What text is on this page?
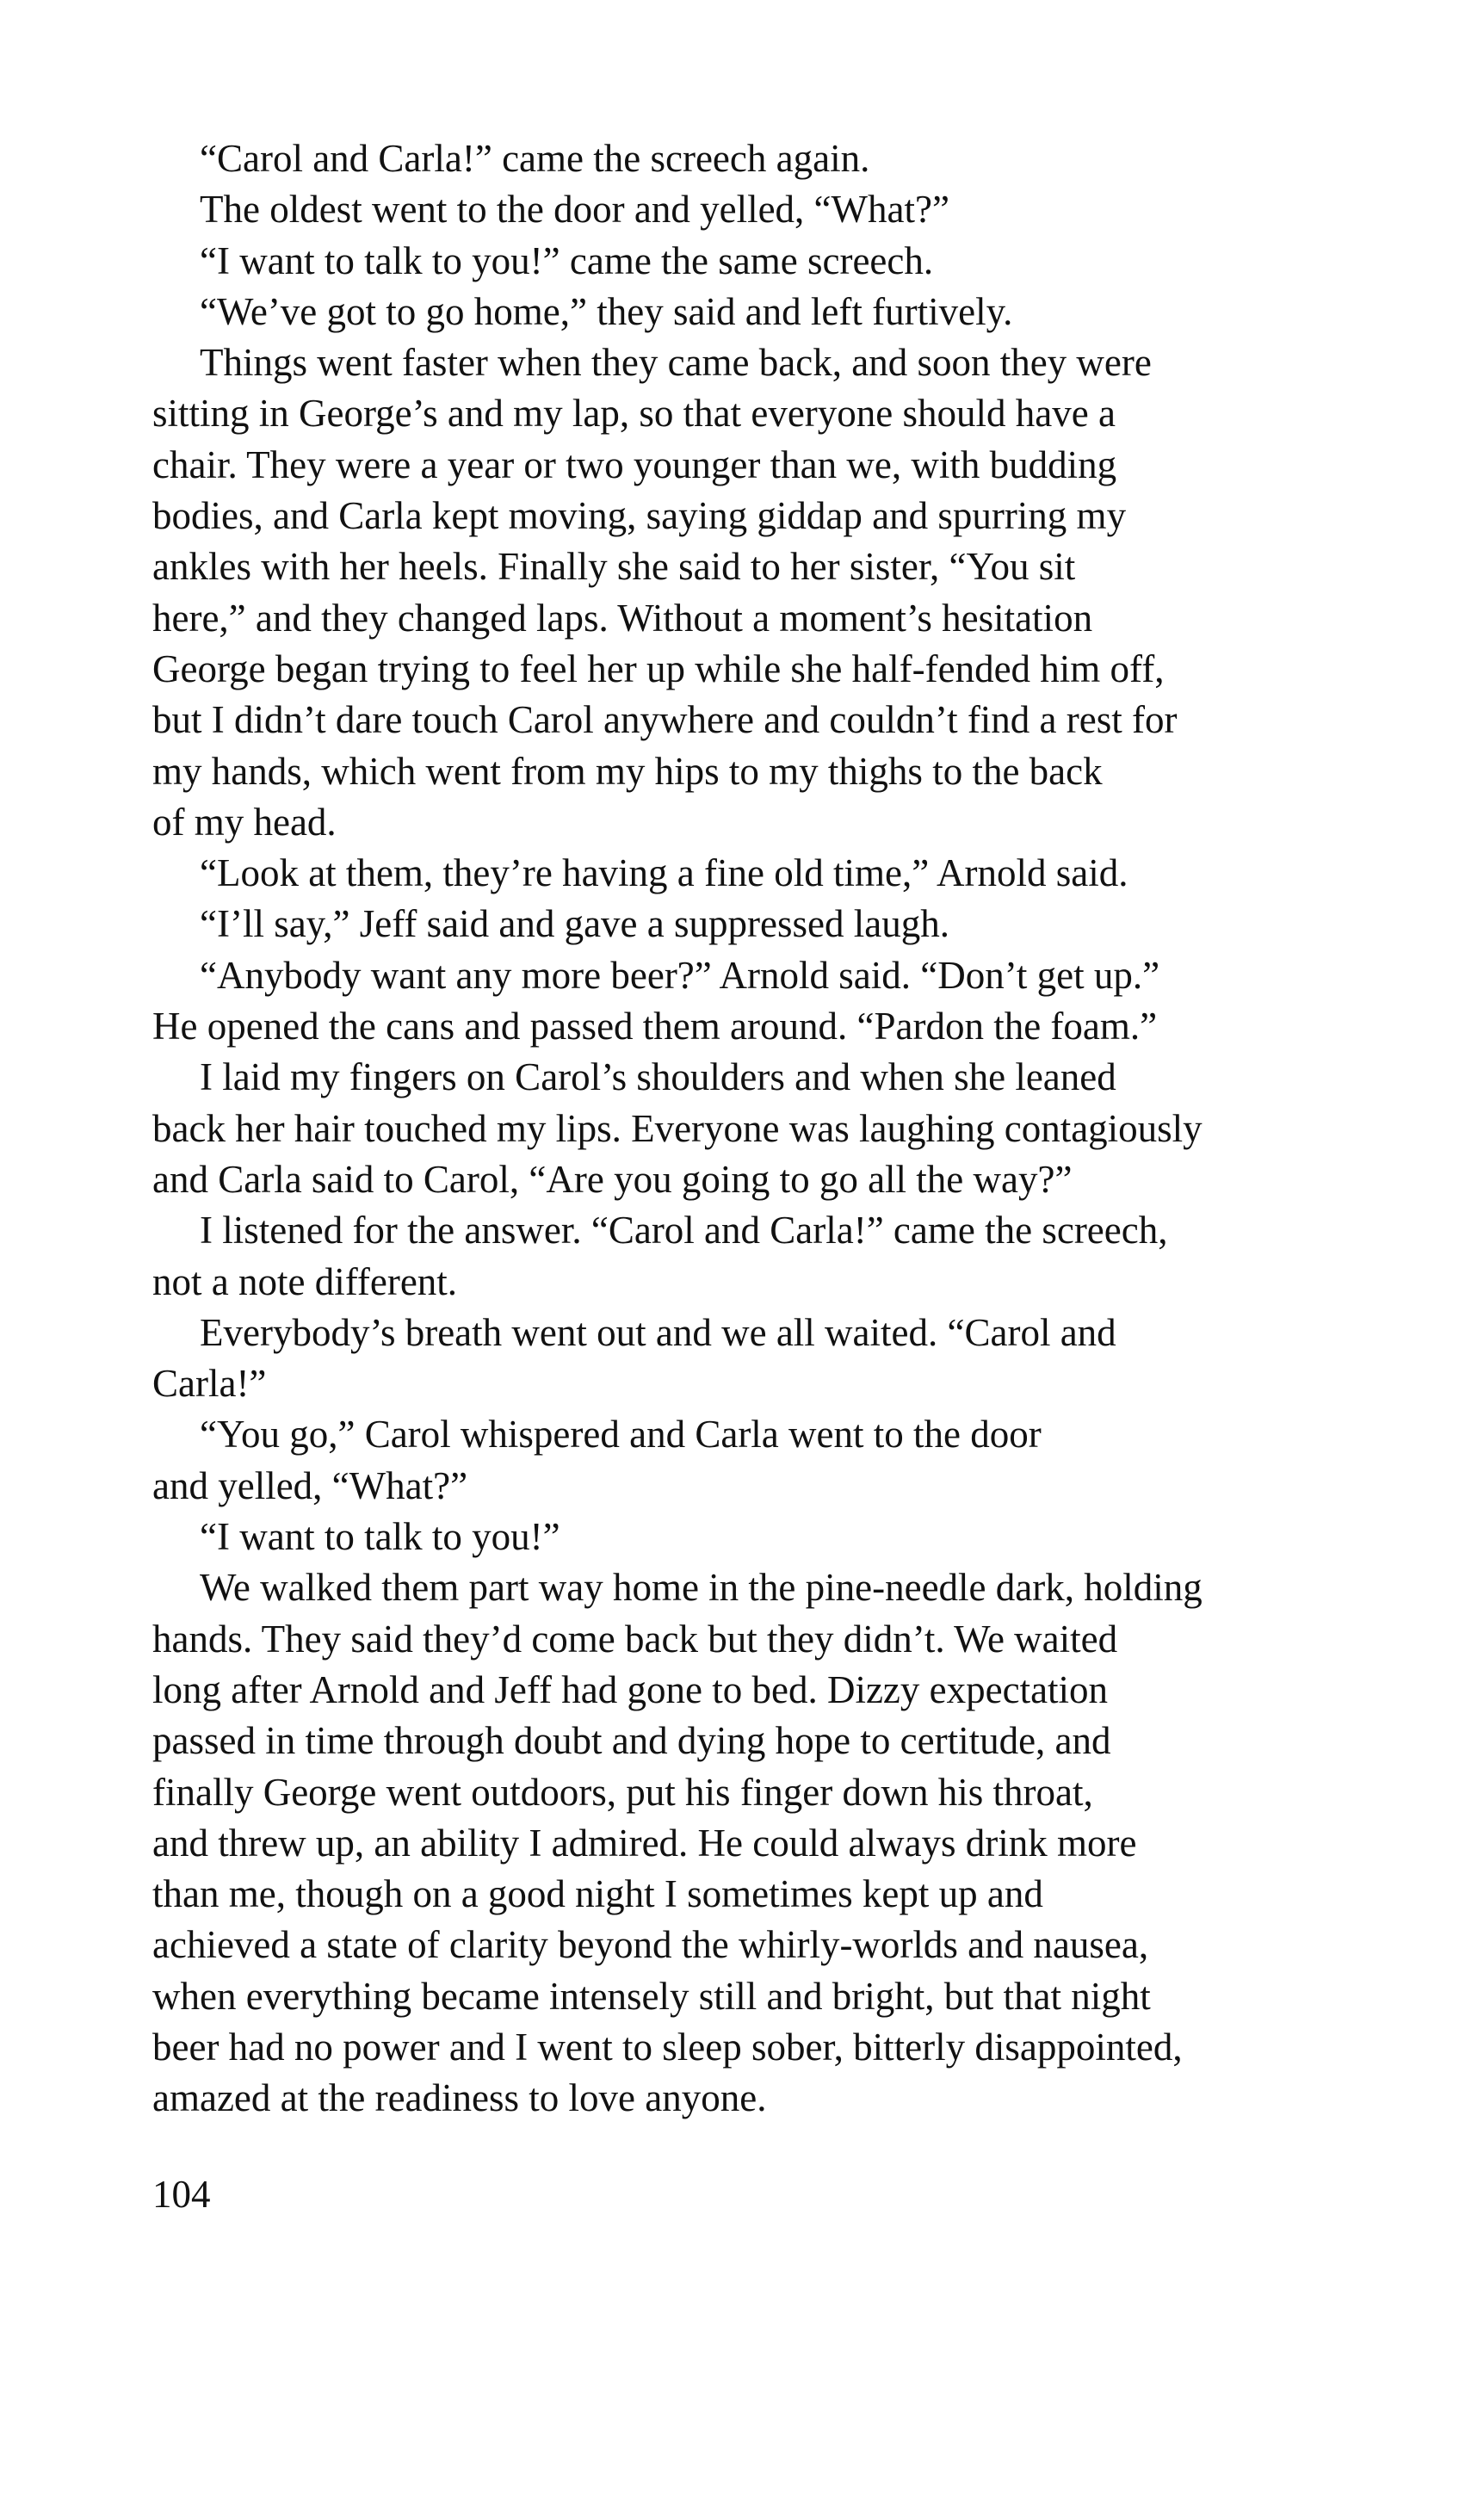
“Carol and Carla!” came the screech again.
The oldest went to the door and yelled, “What?”
“I want to talk to you!” came the same screech.
“We’ve got to go home,” they said and left furtively.
Things went faster when they came back, and soon they were
sitting in George’s and my lap, so that everyone should have a
chair. They were a year or two younger than we, with budding
bodies, and Carla kept moving, saying giddap and spurring my
ankles with her heels. Finally she said to her sister, “You sit
here,” and they changed laps. Without a moment’s hesitation
George began trying to feel her up while she half-fended him off,
but I didn’t dare touch Carol anywhere and couldn’t find a rest for
my hands, which went from my hips to my thighs to the back
of my head.
“Look at them, they’re having a fine old time,” Arnold said.
“I’ll say,” Jeff said and gave a suppressed laugh.
“Anybody want any more beer?” Arnold said. “Don’t get up.”
He opened the cans and passed them around. “Pardon the foam.”
I laid my fingers on Carol’s shoulders and when she leaned
back her hair touched my lips. Everyone was laughing contagiously
and Carla said to Carol, “Are you going to go all the way?”
I listened for the answer. “Carol and Carla!” came the screech,
not a note different.
Everybody’s breath went out and we all waited. “Carol and
Carla!”
“You go,” Carol whispered and Carla went to the door
and yelled, “What?”
“I want to talk to you!”
We walked them part way home in the pine-needle dark, holding
hands. They said they’d come back but they didn’t. We waited
long after Arnold and Jeff had gone to bed. Dizzy expectation
passed in time through doubt and dying hope to certitude, and
finally George went outdoors, put his finger down his throat,
and threw up, an ability I admired. He could always drink more
than me, though on a good night I sometimes kept up and
achieved a state of clarity beyond the whirly-worlds and nausea,
when everything became intensely still and bright, but that night
beer had no power and I went to sleep sober, bitterly disappointed,
amazed at the readiness to love anyone.
104
